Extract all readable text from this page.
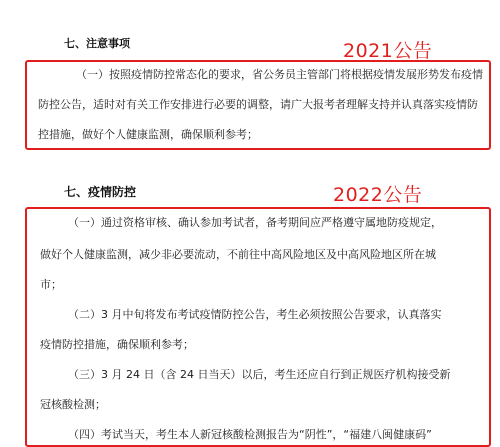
七、注意事项	2021公告
（一）按照疫情防控常态化的要求，省公务员主管部门将根据疫情发展形势发布疫情
防控公告，适时对有关工作安排进行必要的调整，请广大报考者理解支持并认真落实疫情防
控措施，做好个人健康监测，确保顺利参考；
七、疫情防控	2022公告
（一）通过资格审核、确认参加考试者，备考期间应严格遵守属地防疫规定，
做好个人健康监测，减少非必要流动，不前往中高风险地区及中高风险地区所在城
市；
（二）3 月中旬将发布考试疫情防控公告，考生必须按照公告要求，认真落实
疫情防控措施，确保顺利参考；
（三）3 月 24 日（含 24 日当天）以后，考生还应自行到正规医疗机构接受新
冠核酸检测；
（四）考试当天，考生本人新冠核酸检测报告为“阴性”，“福建八闽健康码”
